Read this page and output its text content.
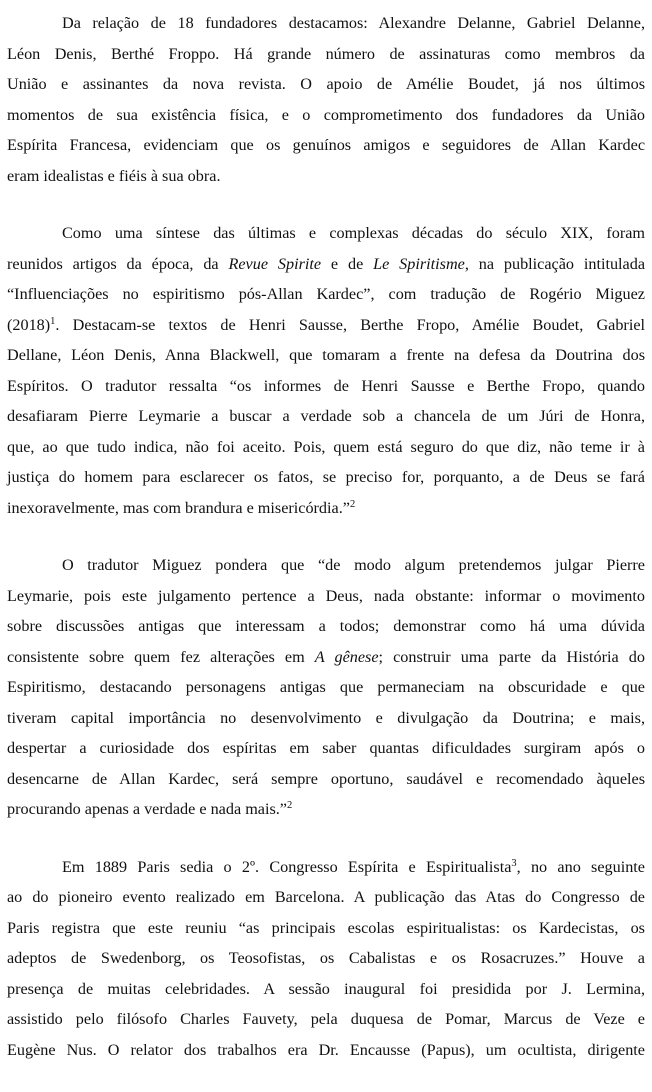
Da relação de 18 fundadores destacamos: Alexandre Delanne, Gabriel Delanne,
Léon Denis, Berthé Froppo. Há grande número de assinaturas como membros da
União e assinantes da nova revista. O apoio de Amélie Boudet, já nos últimos
momentos de sua existência física, e o comprometimento dos fundadores da União
Espírita Francesa, evidenciam que os genuínos amigos e seguidores de Allan Kardec
eram idealistas e fiéis à sua obra.
Como uma síntese das últimas e complexas décadas do século XIX, foram
reunidos artigos da época, da Revue Spirite e de Le Spiritisme, na publicação intitulada
“Influenciações no espiritismo pós-Allan Kardec”, com tradução de Rogério Miguez
$(2018)^1$. Destacam-se textos de Henri Sausse, Berthe Fropo, Amélie Boudet, Gabriel
Dellane, Léon Denis, Anna Blackwell, que tomaram a frente na defesa da Doutrina dos
Espíritos. O tradutor ressalta “os informes de Henri Sausse e Berthe Fropo, quando
desafiaram Pierre Leymarie a buscar a verdade sob a chancela de um Júri de Honra,
que, ao que tudo indica, não foi aceito. Pois, quem está seguro do que diz, não teme ir à
justiça do homem para esclarecer os fatos, se preciso for, porquanto, a de Deus se fará
inexoravelmente, mas com brandura e misericórdia.”$^2$
O tradutor Miguez pondera que “de modo algum pretendemos julgar Pierre
Leymarie, pois este julgamento pertence a Deus, nada obstante: informar o movimento
sobre discussões antigas que interessam a todos; demonstrar como há uma dúvida
consistente sobre quem fez alterações em A gênese; construir uma parte da História do
Espiritismo, destacando personagens antigas que permaneciam na obscuridade e que
tiveram capital importância no desenvolvimento e divulgação da Doutrina; e mais,
despertar a curiosidade dos espíritas em saber quantas dificuldades surgiram após o
desencarne de Allan Kardec, será sempre oportuno, saudável e recomendado àqueles
procurando apenas a verdade e nada mais.”$^2$
Em 1889 Paris sedia o 2º. Congresso Espírita e Espiritualista$^3$, no ano seguinte
ao do pioneiro evento realizado em Barcelona. A publicação das Atas do Congresso de
Paris registra que este reuniu “as principais escolas espiritualistas: os Kardecistas, os
adeptos de Swedenborg, os Teosofistas, os Cabalistas e os Rosacruzes.” Houve a
presença de muitas celebridades. A sessão inaugural foi presidida por J. Lermina,
assistido pelo filósofo Charles Fauvety, pela duquesa de Pomar, Marcus de Veze e
Eugène Nus. O relator dos trabalhos era Dr. Encausse (Papus), um ocultista, dirigente
